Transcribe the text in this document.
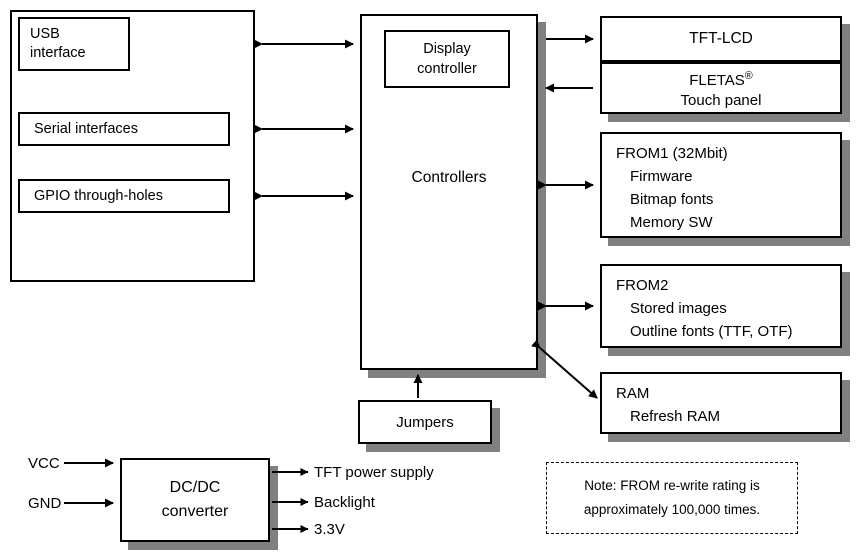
USB
interface
Serial interfaces
GPIO through-holes
Controllers
Display
controller
Jumpers
TFT-LCD
FLETAS®
Touch panel
FROM1 (32Mbit)
Firmware
Bitmap fonts
Memory SW
FROM2
Stored images
Outline fonts (TTF, OTF)
RAM
Refresh RAM
DC/DC
converter
VCC
GND
TFT power supply
Backlight
3.3V
Note: FROM re-write rating is
approximately 100,000 times.
